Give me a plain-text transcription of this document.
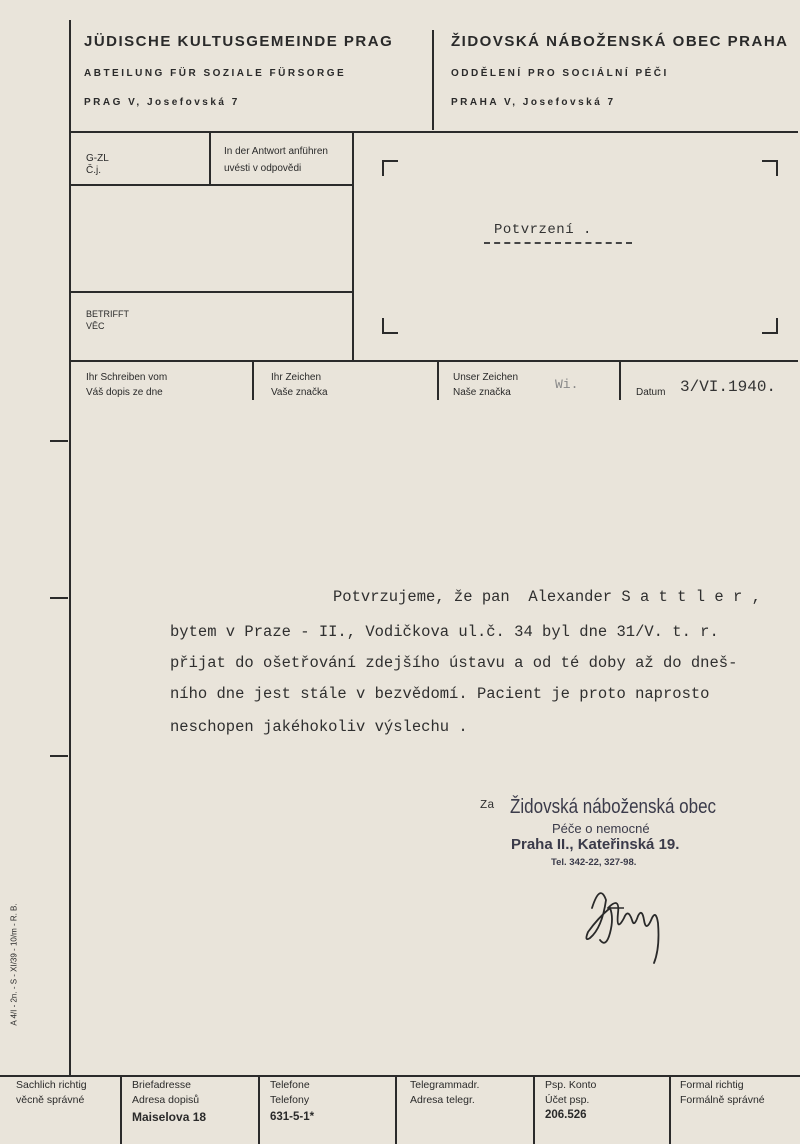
JÜDISCHE KULTUSGEMEINDE PRAG
ABTEILUNG FÜR SOZIALE FÜRSORGE
PRAG V, Josefovská 7
ŽIDOVSKÁ NÁBOŽENSKÁ OBEC PRAHA
ODDĚLENÍ PRO SOCIÁLNÍ PÉČI
PRAHA V, Josefovská 7
G-ZL
Č.j.
In der Antwort anführen
uvésti v odpovědi
BETRIFFT
VĚC
Potvrzení .
Ihr Schreiben vom
Váš dopis ze dne
Ihr Zeichen
Vaše značka
Unser Zeichen
Naše značka
Wi.
Datum 3/VI.1940.
Potvrzujeme, že pan  Alexander S a t t l e r ,
bytem v Praze - II., Vodičkova ul.č. 34 byl dne 31/V. t. r.
přijat do ošetřování zdejšího ústavu a od té doby až do dneš-
ního dne jest stále v bezvědomí. Pacient je proto naprosto
neschopen jakéhokoliv výslechu .
Za Židovská náboženská obec
Péče o nemocné
Praha II., Kateřinská 19.
Tel. 342-22, 327-98.
A 4/I - 2n. - S - XI/39 - 10/m - R. B.
Sachlich richtig
věcně správné
Briefadresse
Adresa dopisů
Maiselova 18
Telefone
Telefony
631-5-1*
Telegrammadr.
Adresa telegr.
Psp. Konto
Účet psp.
206.526
Formal richtig
Formálně správné
